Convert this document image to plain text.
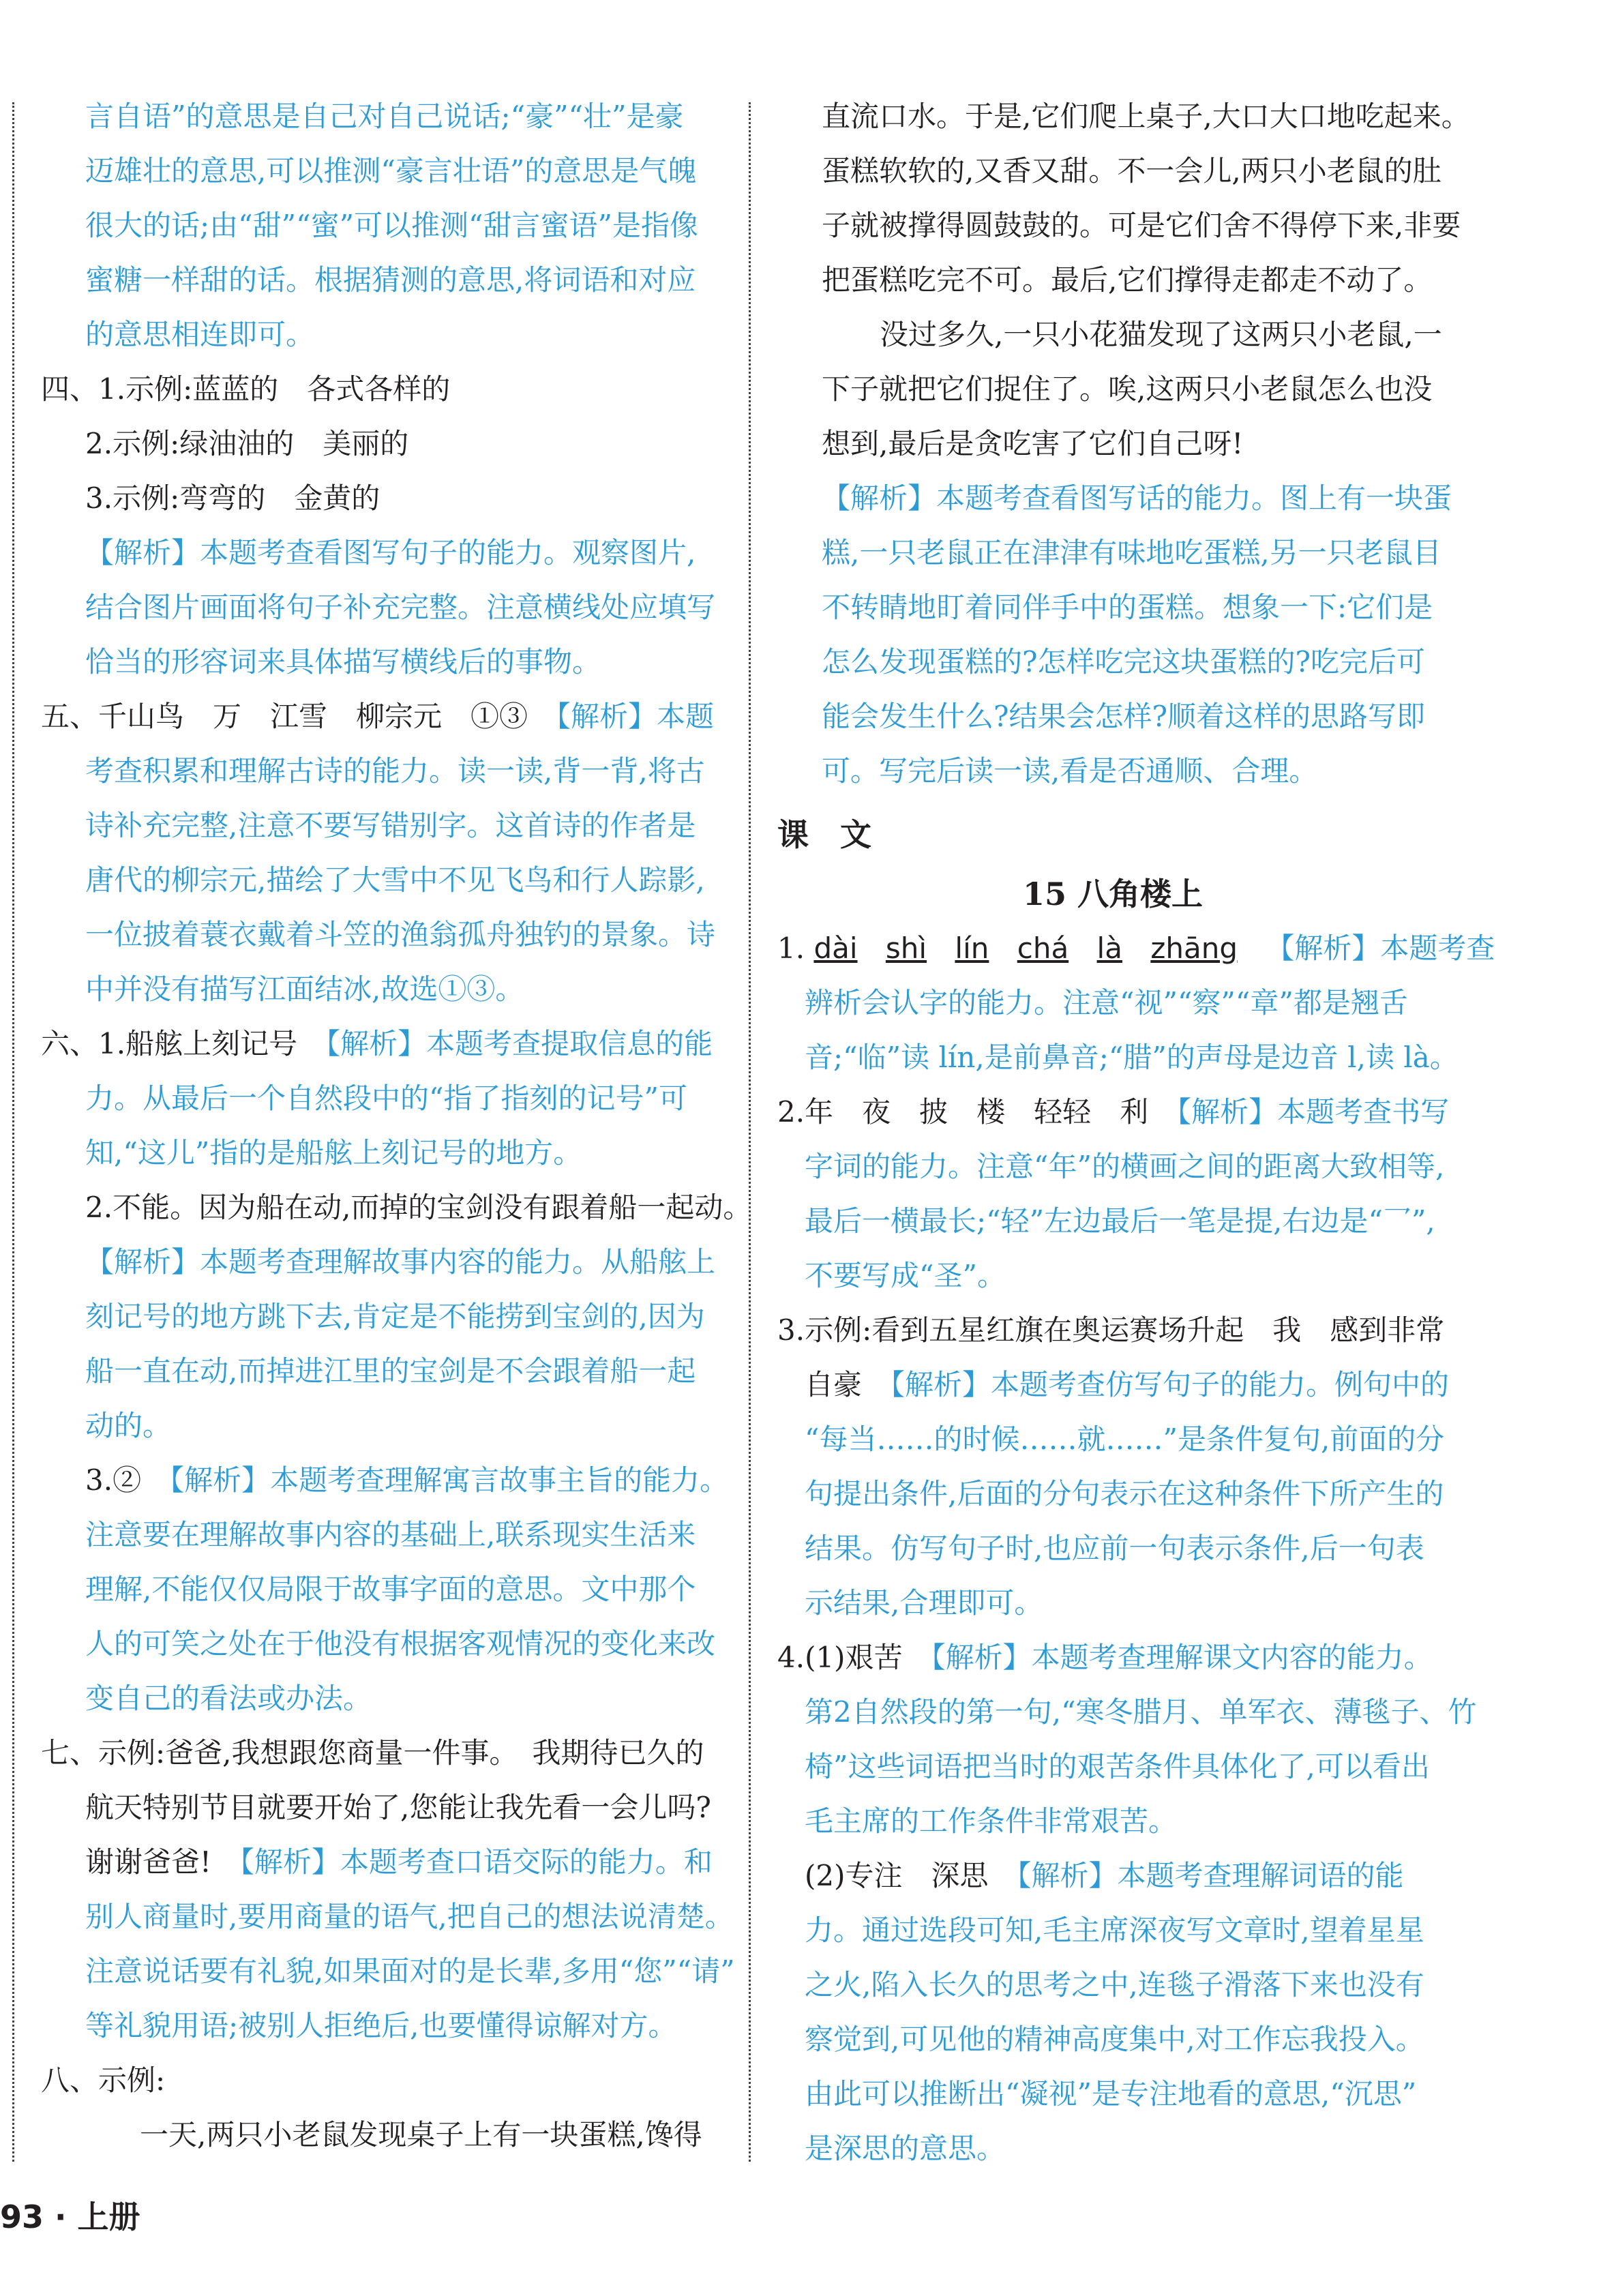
言自语”的意思是自己对自己说话;“豪”“壮”是豪
迈雄壮的意思,可以推测“豪言壮语”的意思是气魄
很大的话;由“甜”“蜜”可以推测“甜言蜜语”是指像
蜜糖一样甜的话。根据猜测的意思,将词语和对应
的意思相连即可。
四、1.示例:蓝蓝的　各式各样的
2.示例:绿油油的　美丽的
3.示例:弯弯的　金黄的
【解析】本题考查看图写句子的能力。观察图片,
结合图片画面将句子补充完整。注意横线处应填写
恰当的形容词来具体描写横线后的事物。
五、千山鸟　万　江雪　柳宗元　①③　【解析】本题
考查积累和理解古诗的能力。读一读,背一背,将古
诗补充完整,注意不要写错别字。这首诗的作者是
唐代的柳宗元,描绘了大雪中不见飞鸟和行人踪影,
一位披着蓑衣戴着斗笠的渔翁孤舟独钓的景象。诗
中并没有描写江面结冰,故选①③。
六、1.船舷上刻记号　【解析】本题考查提取信息的能
力。从最后一个自然段中的“指了指刻的记号”可
知,“这儿”指的是船舷上刻记号的地方。
2.不能。因为船在动,而掉的宝剑没有跟着船一起动。
【解析】本题考查理解故事内容的能力。从船舷上
刻记号的地方跳下去,肯定是不能捞到宝剑的,因为
船一直在动,而掉进江里的宝剑是不会跟着船一起
动的。
3.②　【解析】本题考查理解寓言故事主旨的能力。
注意要在理解故事内容的基础上,联系现实生活来
理解,不能仅仅局限于故事字面的意思。文中那个
人的可笑之处在于他没有根据客观情况的变化来改
变自己的看法或办法。
七、示例:爸爸,我想跟您商量一件事。　我期待已久的
航天特别节目就要开始了,您能让我先看一会儿吗?
谢谢爸爸!　【解析】本题考查口语交际的能力。和
别人商量时,要用商量的语气,把自己的想法说清楚。
注意说话要有礼貌,如果面对的是长辈,多用“您”“请”
等礼貌用语;被别人拒绝后,也要懂得谅解对方。
八、示例:
一天,两只小老鼠发现桌子上有一块蛋糕,馋得
直流口水。于是,它们爬上桌子,大口大口地吃起来。
蛋糕软软的,又香又甜。不一会儿,两只小老鼠的肚
子就被撑得圆鼓鼓的。可是它们舍不得停下来,非要
把蛋糕吃完不可。最后,它们撑得走都走不动了。
没过多久,一只小花猫发现了这两只小老鼠,一
下子就把它们捉住了。唉,这两只小老鼠怎么也没
想到,最后是贪吃害了它们自己呀!
【解析】本题考查看图写话的能力。图上有一块蛋
糕,一只老鼠正在津津有味地吃蛋糕,另一只老鼠目
不转睛地盯着同伴手中的蛋糕。想象一下:它们是
怎么发现蛋糕的?怎样吃完这块蛋糕的?吃完后可
能会发生什么?结果会怎样?顺着这样的思路写即
可。写完后读一读,看是否通顺、合理。
2.年　夜　披　楼　轻轻　利　【解析】本题考查书写
字词的能力。注意“年”的横画之间的距离大致相等,
最后一横最长;“轻”左边最后一笔是提,右边是“乛”,
不要写成“圣”。
3.示例:看到五星红旗在奥运赛场升起　我　感到非常
自豪　【解析】本题考查仿写句子的能力。例句中的
“每当……的时候……就……”是条件复句,前面的分
句提出条件,后面的分句表示在这种条件下所产生的
结果。仿写句子时,也应前一句表示条件,后一句表
示结果,合理即可。
4.(1)艰苦　【解析】本题考查理解课文内容的能力。
第2自然段的第一句,“寒冬腊月、单军衣、薄毯子、竹
椅”这些词语把当时的艰苦条件具体化了,可以看出
毛主席的工作条件非常艰苦。
(2)专注　深思　【解析】本题考查理解词语的能
力。通过选段可知,毛主席深夜写文章时,望着星星
之火,陷入长久的思考之中,连毯子滑落下来也没有
察觉到,可见他的精神高度集中,对工作忘我投入。
由此可以推断出“凝视”是专注地看的意思,“沉思”
是深思的意思。
课　文
15 八角楼上
1. dài shì lín chá là zhāng 【解析】本题考查
辨析会认字的能力。注意“视”“察”“章”都是翘舌
音;“临”读 lín,是前鼻音;“腊”的声母是边音 l,读 là。
93 · 上册
